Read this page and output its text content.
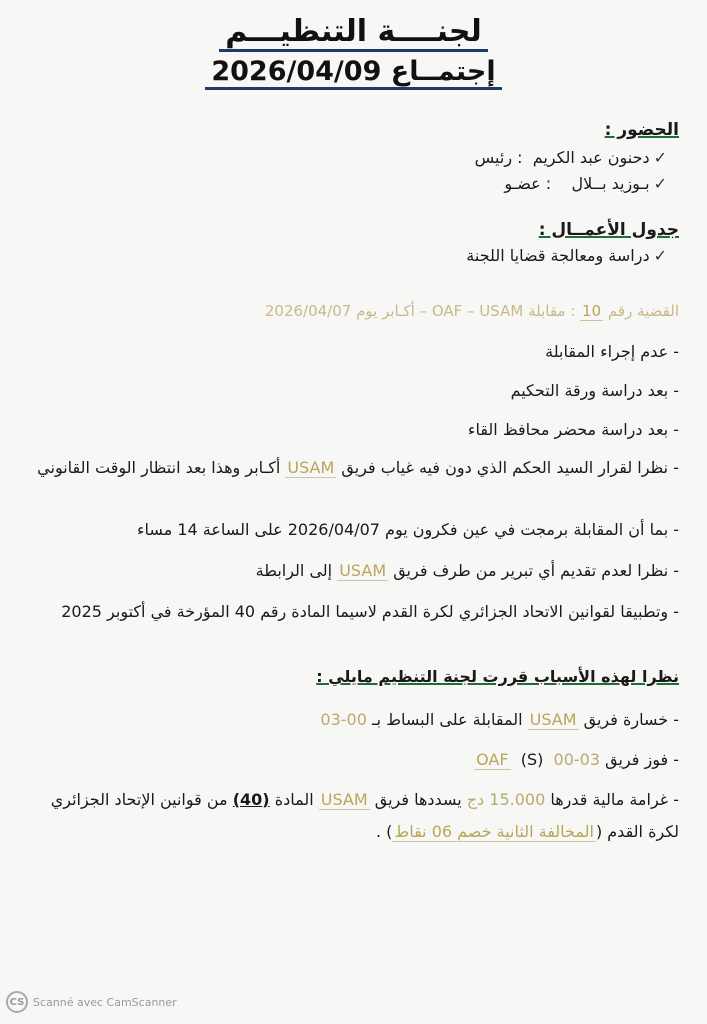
لجنــــة التنظيـــم
إجتمــاع 2026/04/09
الحضور :
✓دحنون عبد الكريم  : رئيس
✓بـوزيد بــلال    : عضـو
جدول الأعمــال :
✓دراسة ومعالجة قضايا اللجنة
القضية رقم 10 : مقابلة OAF – USAM – أكـابر يوم 2026/04/07
- عدم إجراء المقابلة
- بعد دراسة ورقة التحكيم
- بعد دراسة محضر محافظ القاء
- نظرا لقرار السيد الحكم الذي دون فيه غياب فريق USAM أكـابر وهذا بعد انتظار الوقت القانوني
- بما أن المقابلة برمجت في عين فكرون يوم 2026/04/07 على الساعة 14 مساء
- نظرا لعدم تقديم أي تبرير من طرف فريق USAM إلى الرابطة
- وتطبيقا لقوانين الاتحاد الجزائري لكرة القدم لاسيما المادة رقم 40 المؤرخة في أكتوبر 2025
نظرا لهذه الأسباب قررت لجنة التنظيم مايلي :
- خسارة فريق USAM المقابلة على البساط بـ 00-03
- فوز فريق OAF (S) 00-03
- غرامة مالية قدرها 15.000 دج يسددها فريق USAM المادة (40) من قوانين الإتحاد الجزائري لكرة القدم (المخالفة الثانية خصم 06 نقاط) .
CS Scanné avec CamScanner
